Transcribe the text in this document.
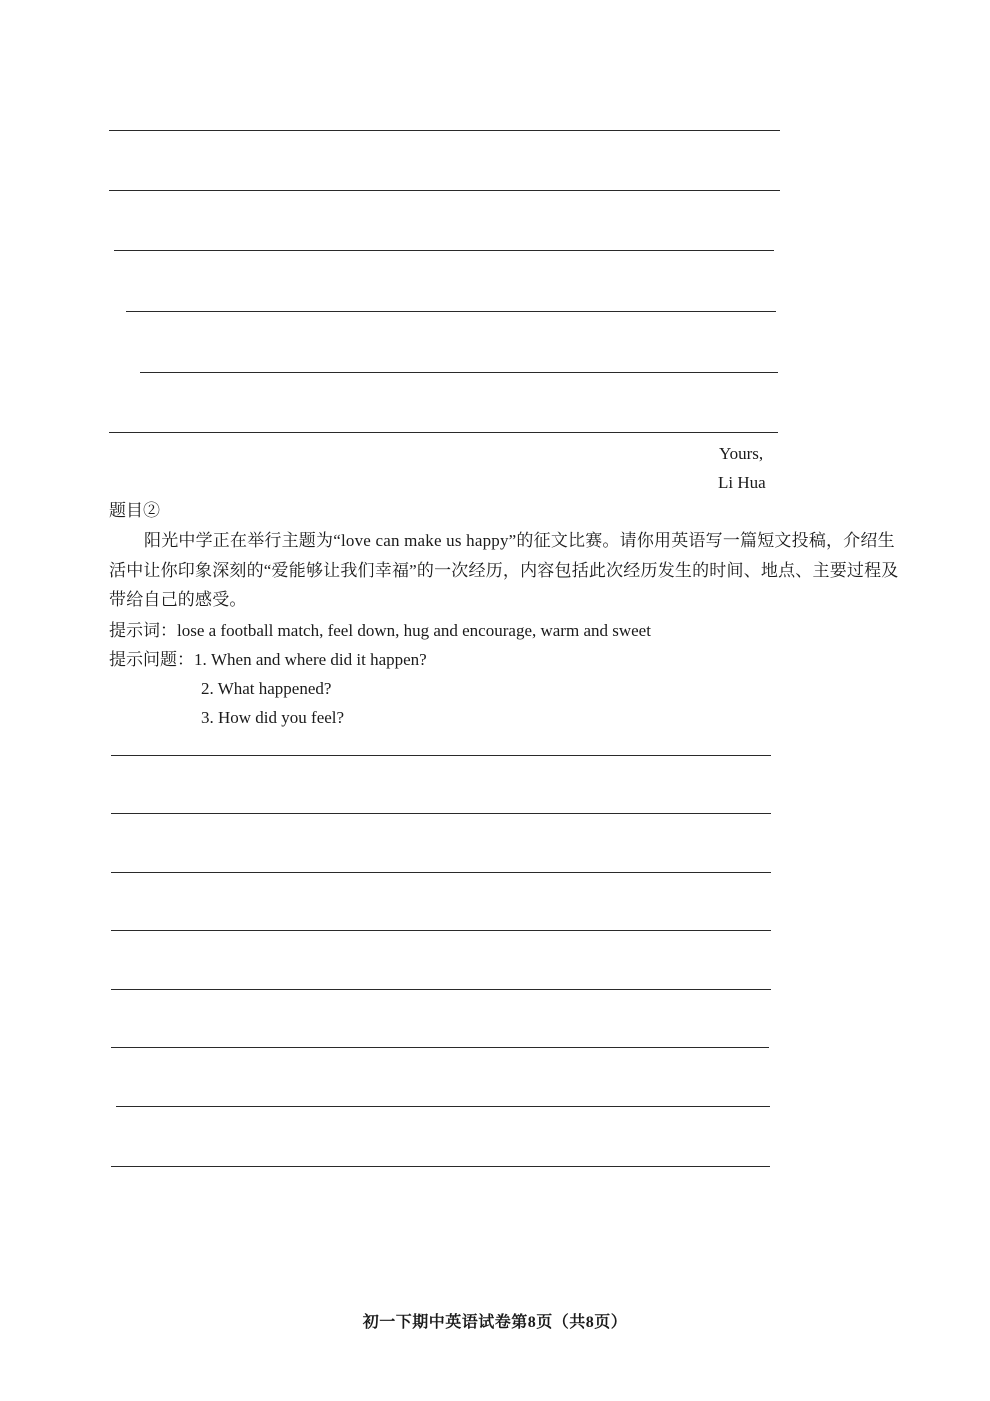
Yours,
Li Hua
题目②
阳光中学正在举行主题为“love can make us happy”的征文比赛。请你用英语写一篇短文投稿，介绍生活中让你印象深刻的“爱能够让我们幸福”的一次经历，内容包括此次经历发生的时间、地点、主要过程及带给自己的感受。
提示词：lose a football match, feel down, hug and encourage, warm and sweet
提示问题：1. When and where did it happen?
2. What happened?
3. How did you feel?
初一下期中英语试卷第8页（共8页）
